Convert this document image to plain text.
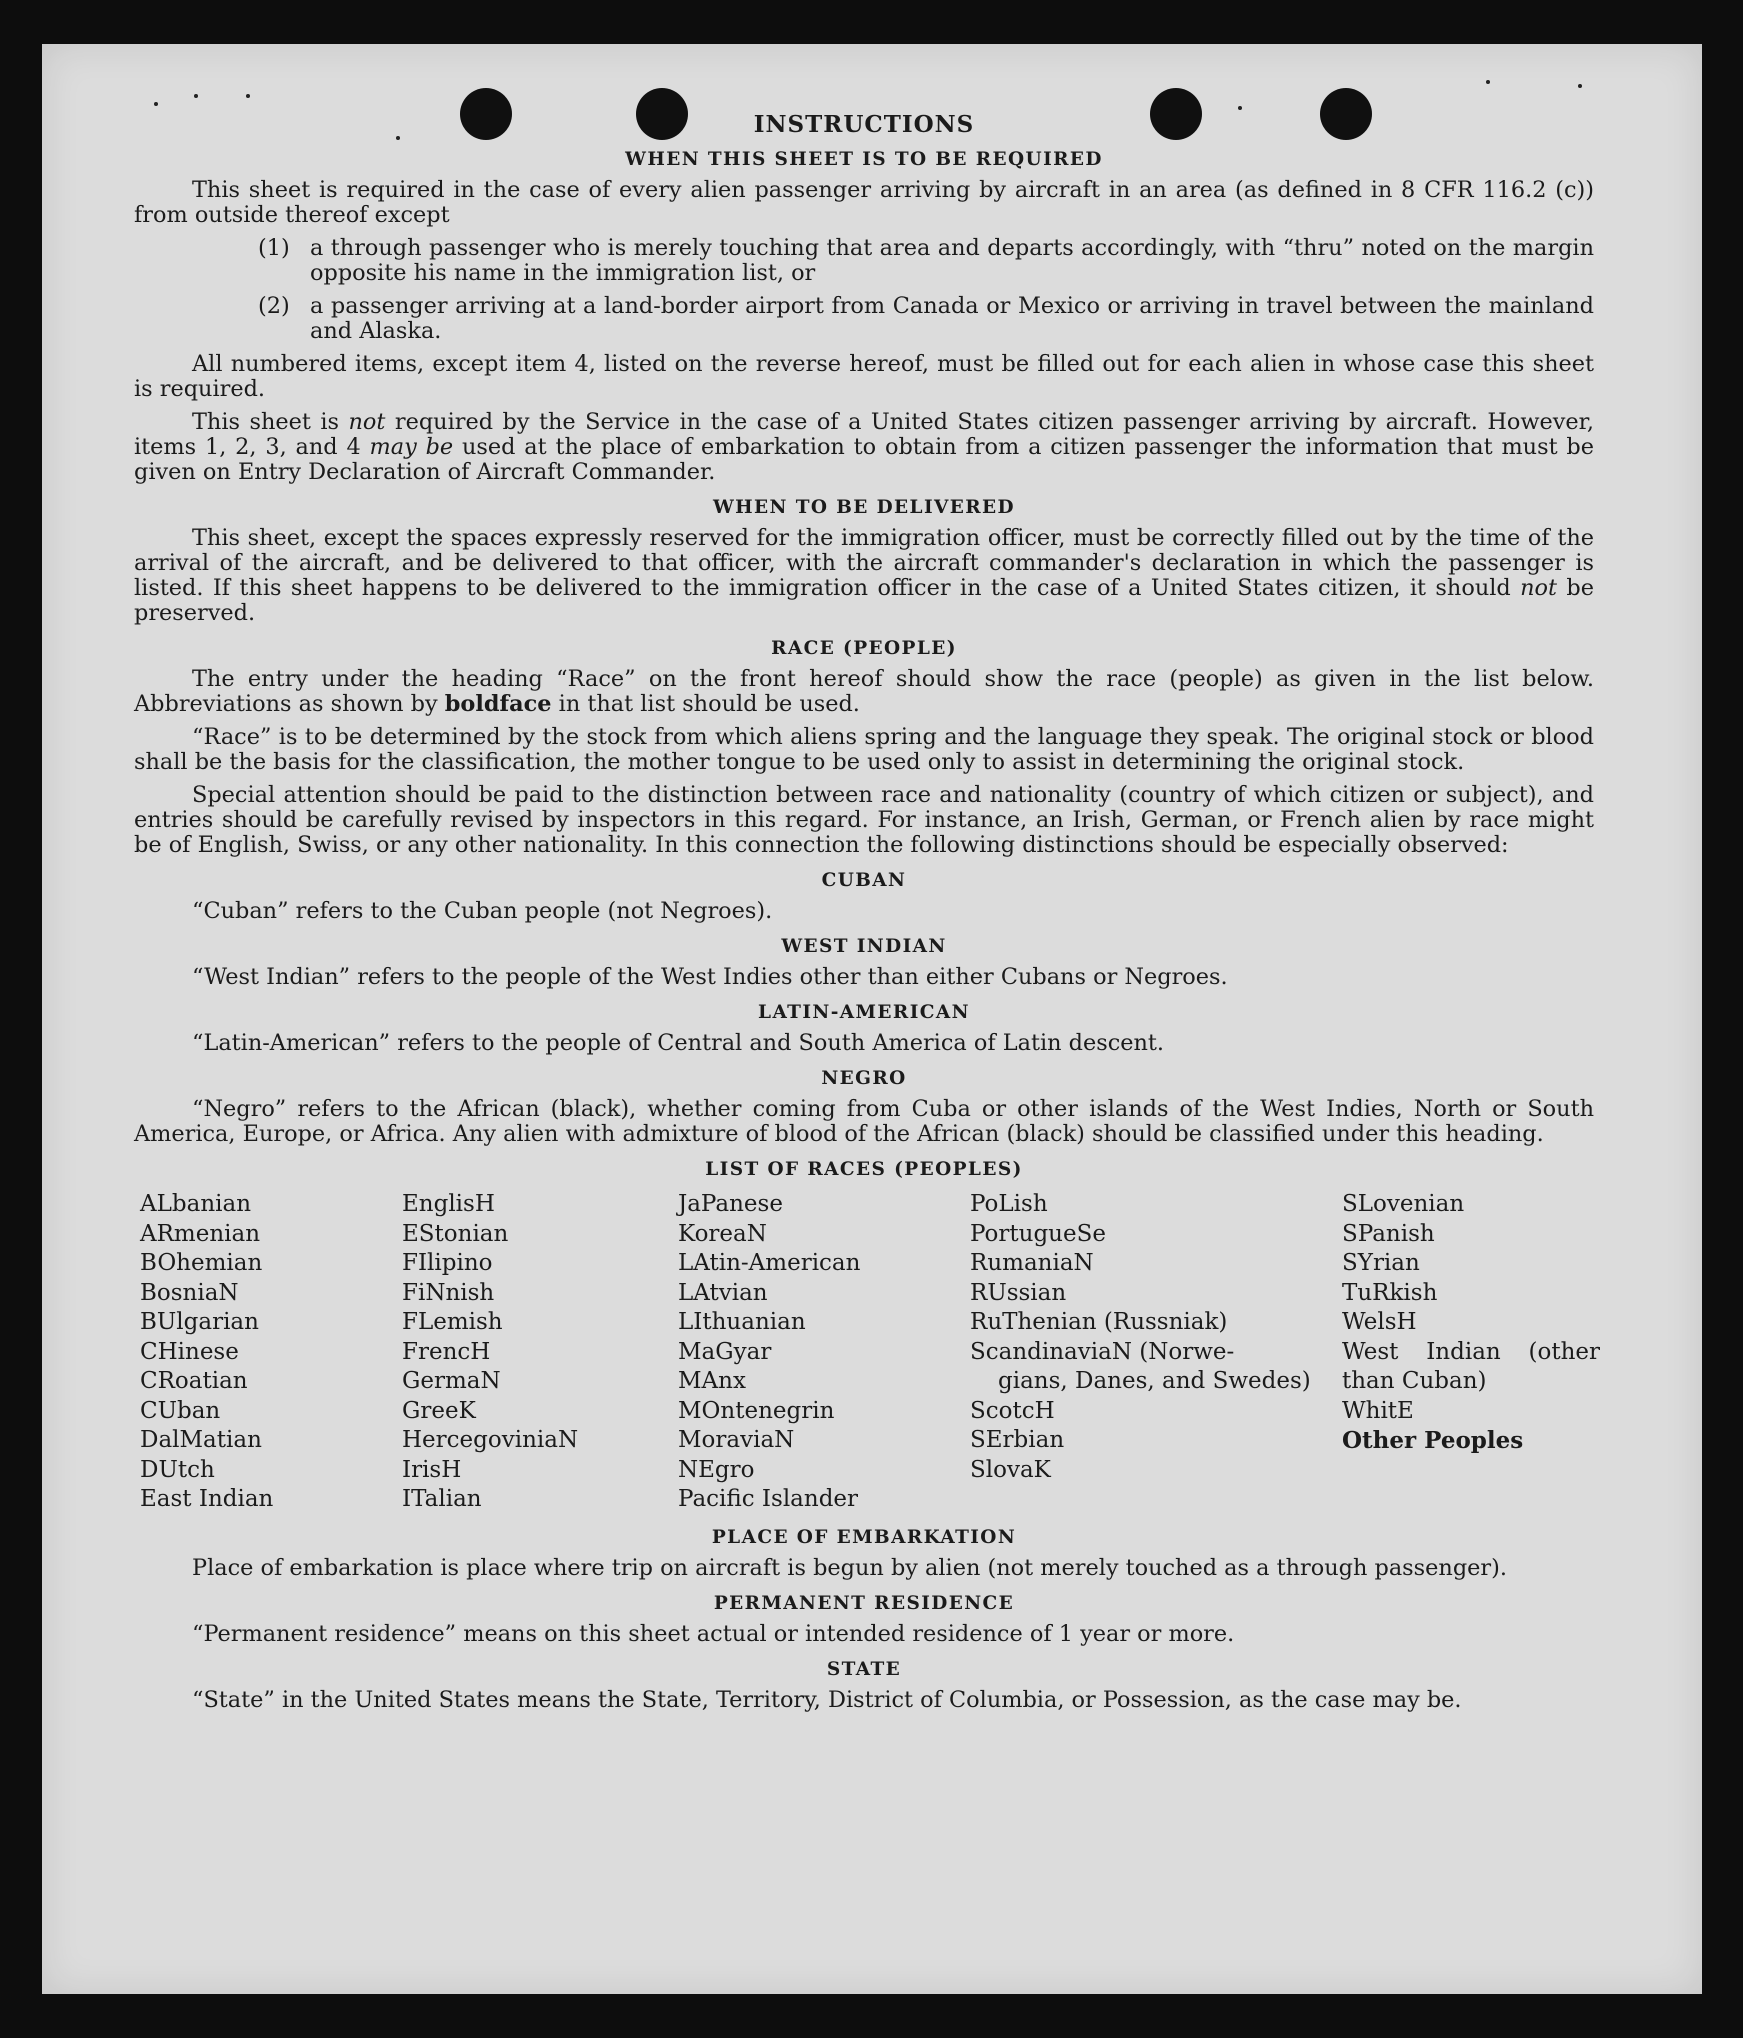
INSTRUCTIONS
WHEN THIS SHEET IS TO BE REQUIRED

This sheet is required in the case of every alien passenger arriving by aircraft in an area (as defined in 8 CFR 116.2 (c)) from outside thereof except

(1) a through passenger who is merely touching that area and departs accordingly, with “thru” noted on the margin opposite his name in the immigration list, or
(2) a passenger arriving at a land-border airport from Canada or Mexico or arriving in travel between the mainland and Alaska.

All numbered items, except item 4, listed on the reverse hereof, must be filled out for each alien in whose case this sheet is required.

This sheet is not required by the Service in the case of a United States citizen passenger arriving by aircraft. However, items 1, 2, 3, and 4 may be used at the place of embarkation to obtain from a citizen passenger the information that must be given on Entry Declaration of Aircraft Commander.

WHEN TO BE DELIVERED

This sheet, except the spaces expressly reserved for the immigration officer, must be correctly filled out by the time of the arrival of the aircraft, and be delivered to that officer, with the aircraft commander's declaration in which the passenger is listed. If this sheet happens to be delivered to the immigration officer in the case of a United States citizen, it should not be preserved.

RACE (PEOPLE)

The entry under the heading “Race” on the front hereof should show the race (people) as given in the list below. Abbreviations as shown by boldface in that list should be used.

“Race” is to be determined by the stock from which aliens spring and the language they speak. The original stock or blood shall be the basis for the classification, the mother tongue to be used only to assist in determining the original stock.

Special attention should be paid to the distinction between race and nationality (country of which citizen or subject), and entries should be carefully revised by inspectors in this regard. For instance, an Irish, German, or French alien by race might be of English, Swiss, or any other nationality. In this connection the following distinctions should be especially observed:

CUBAN

“Cuban” refers to the Cuban people (not Negroes).

WEST INDIAN

“West Indian” refers to the people of the West Indies other than either Cubans or Negroes.

LATIN-AMERICAN

“Latin-American” refers to the people of Central and South America of Latin descent.

NEGRO

“Negro” refers to the African (black), whether coming from Cuba or other islands of the West Indies, North or South America, Europe, or Africa. Any alien with admixture of blood of the African (black) should be classified under this heading.

LIST OF RACES (PEOPLES)
ALbanian
ARmenian
BOhemian
BosniaN
BUlgarian
CHinese
CRoatian
CUban
DalMatian
DUtch
East Indian
EnglisH
EStonian
FIlipino
FiNnish
FLemish
FrencH
GermaN
GreeK
HercegoviniaN
IrisH
ITalian
JaPanese
KoreaN
LAtin-American
LAtvian
LIthuanian
MaGyar
MAnx
MOntenegrin
MoraviaN
NEgro
Pacific Islander
PoLish
PortugueSe
RumaniaN
RUssian
RuThenian (Russniak)
ScandinaviaN (Norwe-
gians, Danes, and Swedes)
ScotcH
SErbian
SlovaK
SLovenian
SPanish
SYrian
TuRkish
WelsH
West Indian (other than Cuban)
WhitE
Other Peoples
PLACE OF EMBARKATION

Place of embarkation is place where trip on aircraft is begun by alien (not merely touched as a through passenger).

PERMANENT RESIDENCE

“Permanent residence” means on this sheet actual or intended residence of 1 year or more.

STATE

“State” in the United States means the State, Territory, District of Columbia, or Possession, as the case may be.
